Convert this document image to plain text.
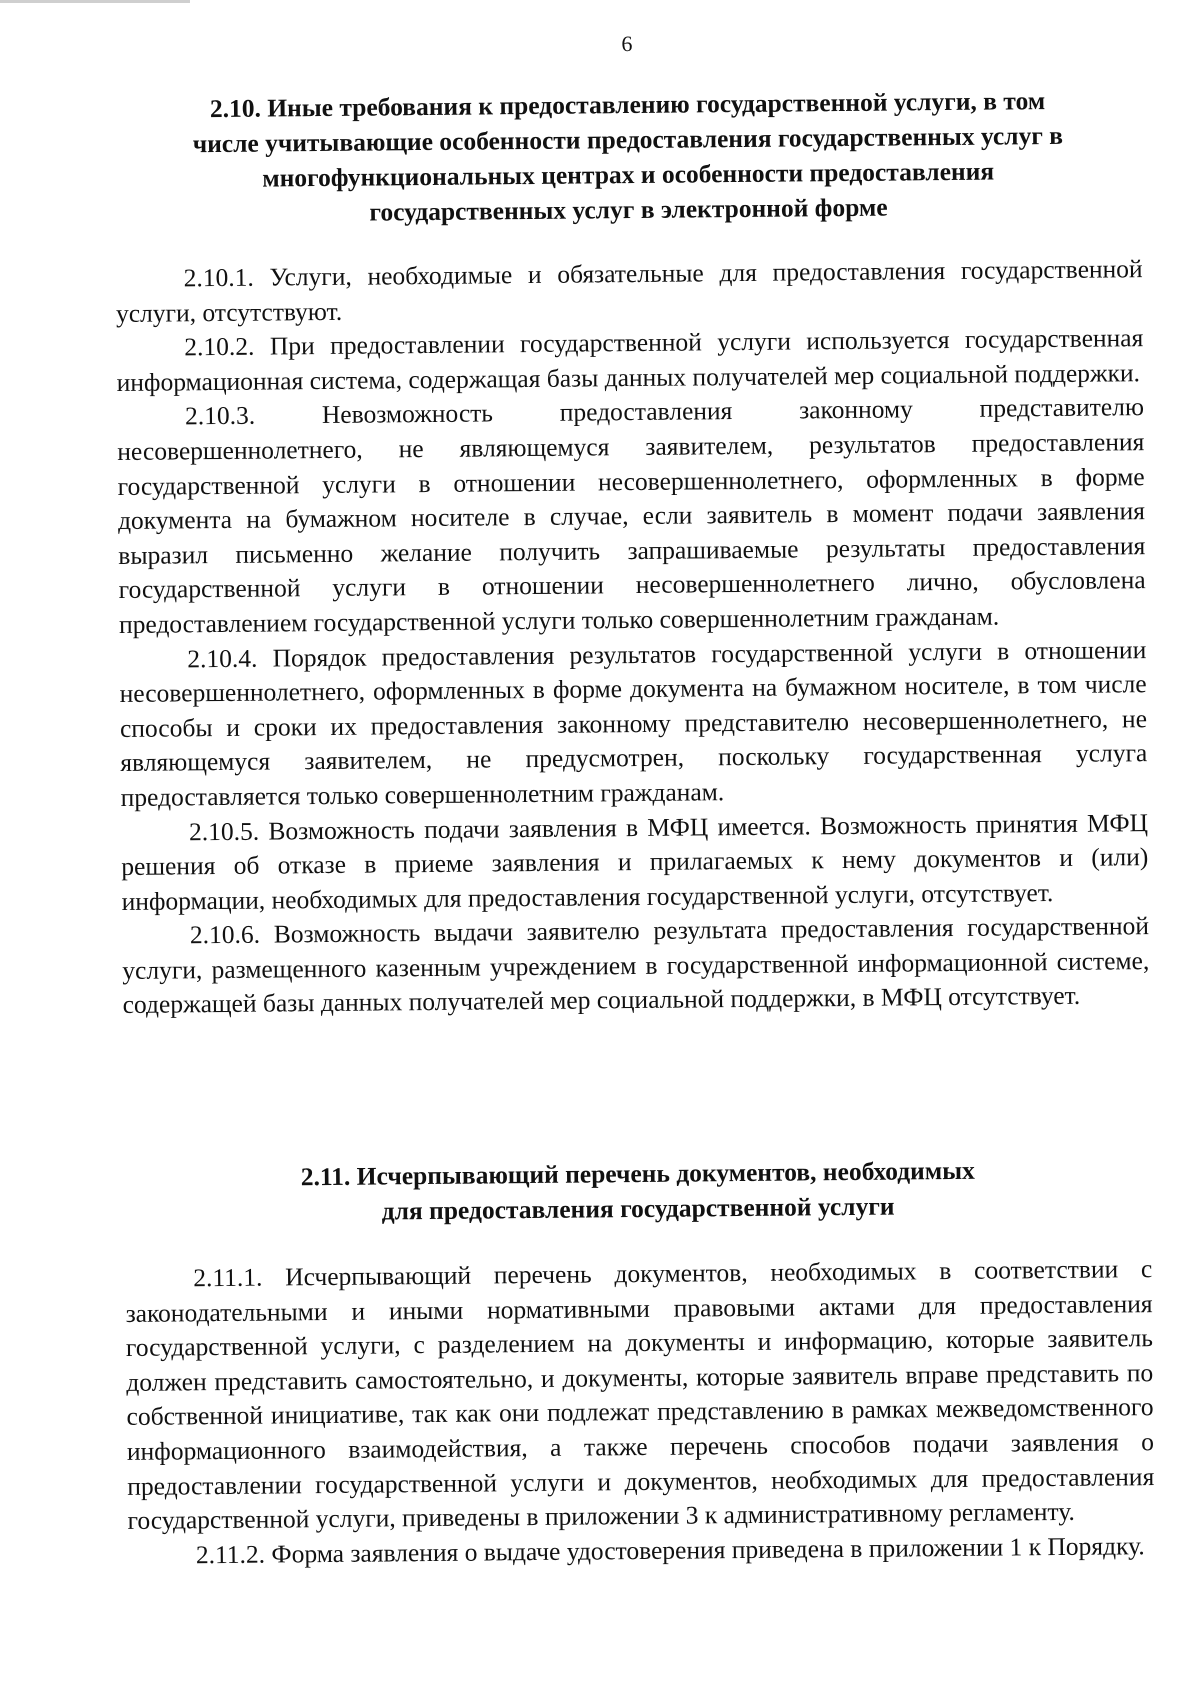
6
2.10. Иные требования к предоставлению государственной услуги, в том
числе учитывающие особенности предоставления государственных услуг в
многофункциональных центрах и особенности предоставления
государственных услуг в электронной форме

2.10.1. Услуги, необходимые и обязательные для предоставления государственной услуги, отсутствуют.

2.10.2. При предоставлении государственной услуги используется государственная информационная система, содержащая базы данных получателей мер социальной поддержки.

2.10.3. Невозможность предоставления законному представителю несовершеннолетнего, не являющемуся заявителем, результатов предоставления государственной услуги в отношении несовершеннолетнего, оформленных в форме документа на бумажном носителе в случае, если заявитель в момент подачи заявления выразил письменно желание получить запрашиваемые результаты предоставления государственной услуги в отношении несовершеннолетнего лично, обусловлена предоставлением государственной услуги только совершеннолетним гражданам.

2.10.4. Порядок предоставления результатов государственной услуги в отношении несовершеннолетнего, оформленных в форме документа на бумажном носителе, в том числе способы и сроки их предоставления законному представителю несовершеннолетнего, не являющемуся заявителем, не предусмотрен, поскольку государственная услуга предоставляется только совершеннолетним гражданам.

2.10.5. Возможность подачи заявления в МФЦ имеется. Возможность принятия МФЦ решения об отказе в приеме заявления и прилагаемых к нему документов и (или) информации, необходимых для предоставления государственной услуги, отсутствует.

2.10.6. Возможность выдачи заявителю результата предоставления государственной услуги, размещенного казенным учреждением в государственной информационной системе, содержащей базы данных получателей мер социальной поддержки, в МФЦ отсутствует.

2.11. Исчерпывающий перечень документов, необходимых
для предоставления государственной услуги

2.11.1. Исчерпывающий перечень документов, необходимых в соответствии с законодательными и иными нормативными правовыми актами для предоставления государственной услуги, с разделением на документы и информацию, которые заявитель должен представить самостоятельно, и документы, которые заявитель вправе представить по собственной инициативе, так как они подлежат представлению в рамках межведомственного информационного взаимодействия, а также перечень способов подачи заявления о предоставлении государственной услуги и документов, необходимых для предоставления государственной услуги, приведены в приложении 3 к административному регламенту.

2.11.2. Форма заявления о выдаче удостоверения приведена в приложении 1 к Порядку.
